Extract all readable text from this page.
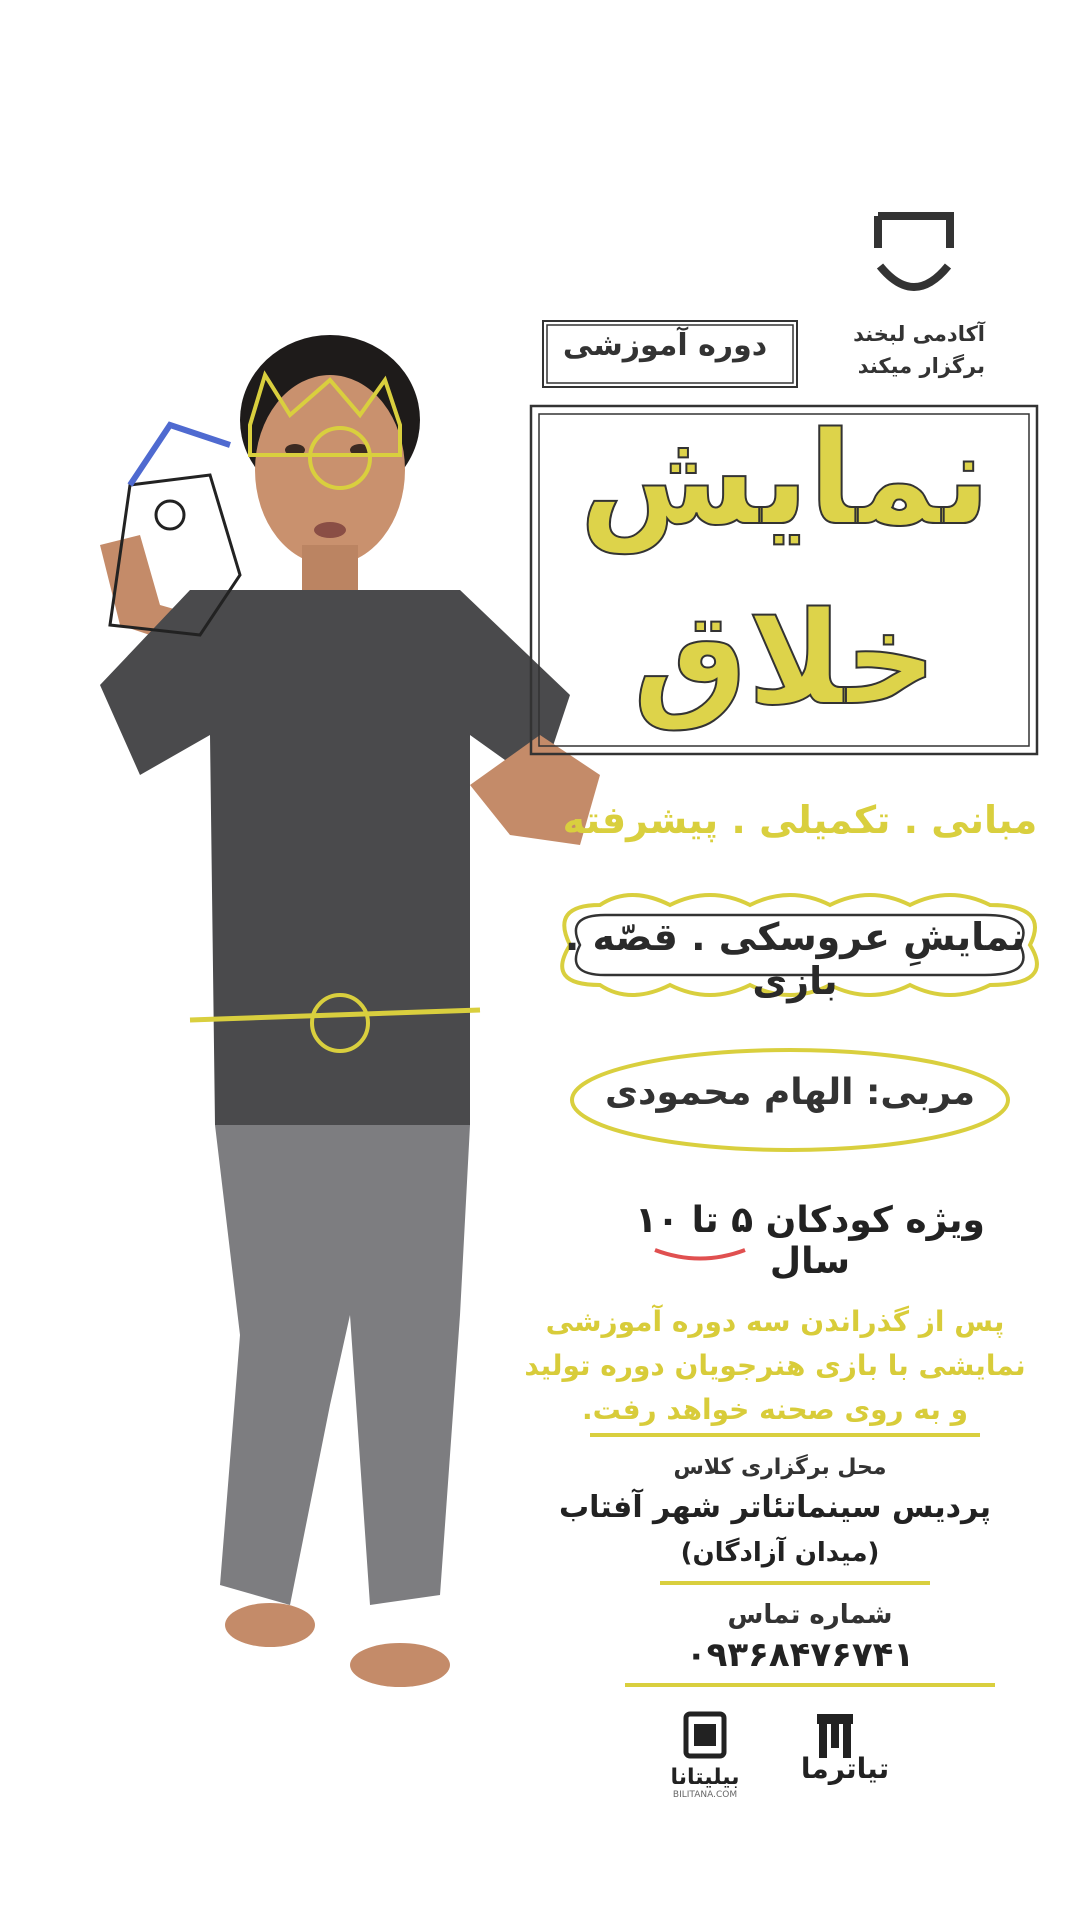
آکادمی لبخند
برگزار میکند
دوره آموزشی
نمایش
خلاق
مبانی . تکمیلی . پیشرفته
نمایشِ عروسکی . قصّه . بازی
مربی: الهام محمودی
ویژه کودکان ۵ تا ۱۰ سال
پس از گذراندن سه دوره آموزشی
نمایشی با بازی هنرجویان دوره تولید
و به روی صحنه خواهد رفت.
محل برگزاری کلاس
پردیس سینماتئاتر شهر آفتاب
(میدان آزادگان)
شماره تماس
۰۹۳۶۸۴۷۶۷۴۱
بیلیتانا
BILITANA.COM
تیاترما
